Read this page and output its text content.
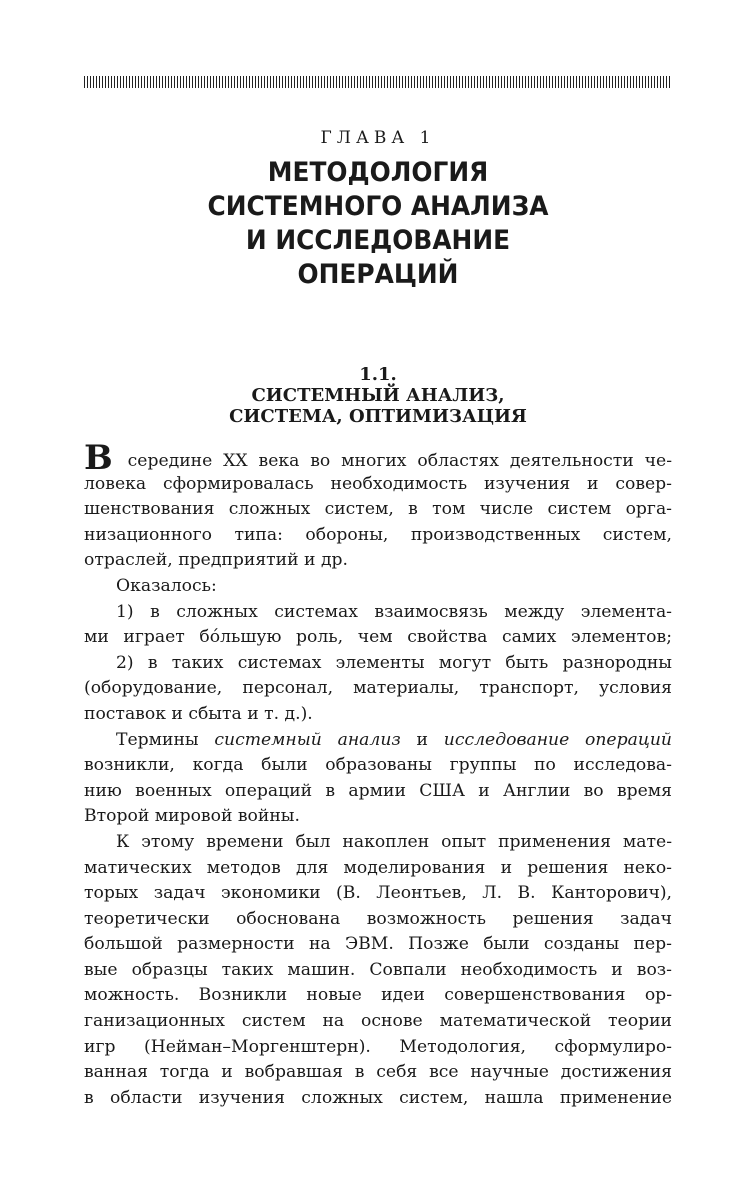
ГЛАВА 1
МЕТОДОЛОГИЯ
СИСТЕМНОГО АНАЛИЗА
И ИССЛЕДОВАНИЕ
ОПЕРАЦИЙ
1.1.
СИСТЕМНЫЙ АНАЛИЗ,
СИСТЕМА, ОПТИМИЗАЦИЯ
В середине XX века во многих областях деятельности че-
ловека сформировалась необходимость изучения и совер-
шенствования сложных систем, в том числе систем орга-
низационного типа: обороны, производственных систем,
отраслей, предприятий и др.
Оказалось:
1) в сложных системах взаимосвязь между элемента-
ми играет бóльшую роль, чем свойства самих элементов;
2) в таких системах элементы могут быть разнородны
(оборудование, персонал, материалы, транспорт, условия
поставок и сбыта и т. д.).
Термины системный анализ и исследование операций
возникли, когда были образованы группы по исследова-
нию военных операций в армии США и Англии во время
Второй мировой войны.
К этому времени был накоплен опыт применения мате-
матических методов для моделирования и решения неко-
торых задач экономики (В. Леонтьев, Л. В. Канторович),
теоретически обоснована возможность решения задач
большой размерности на ЭВМ. Позже были созданы пер-
вые образцы таких машин. Совпали необходимость и воз-
можность. Возникли новые идеи совершенствования ор-
ганизационных систем на основе математической теории
игр (Нейман–Моргенштерн). Методология, сформулиро-
ванная тогда и вобравшая в себя все научные достижения
в области изучения сложных систем, нашла применение
